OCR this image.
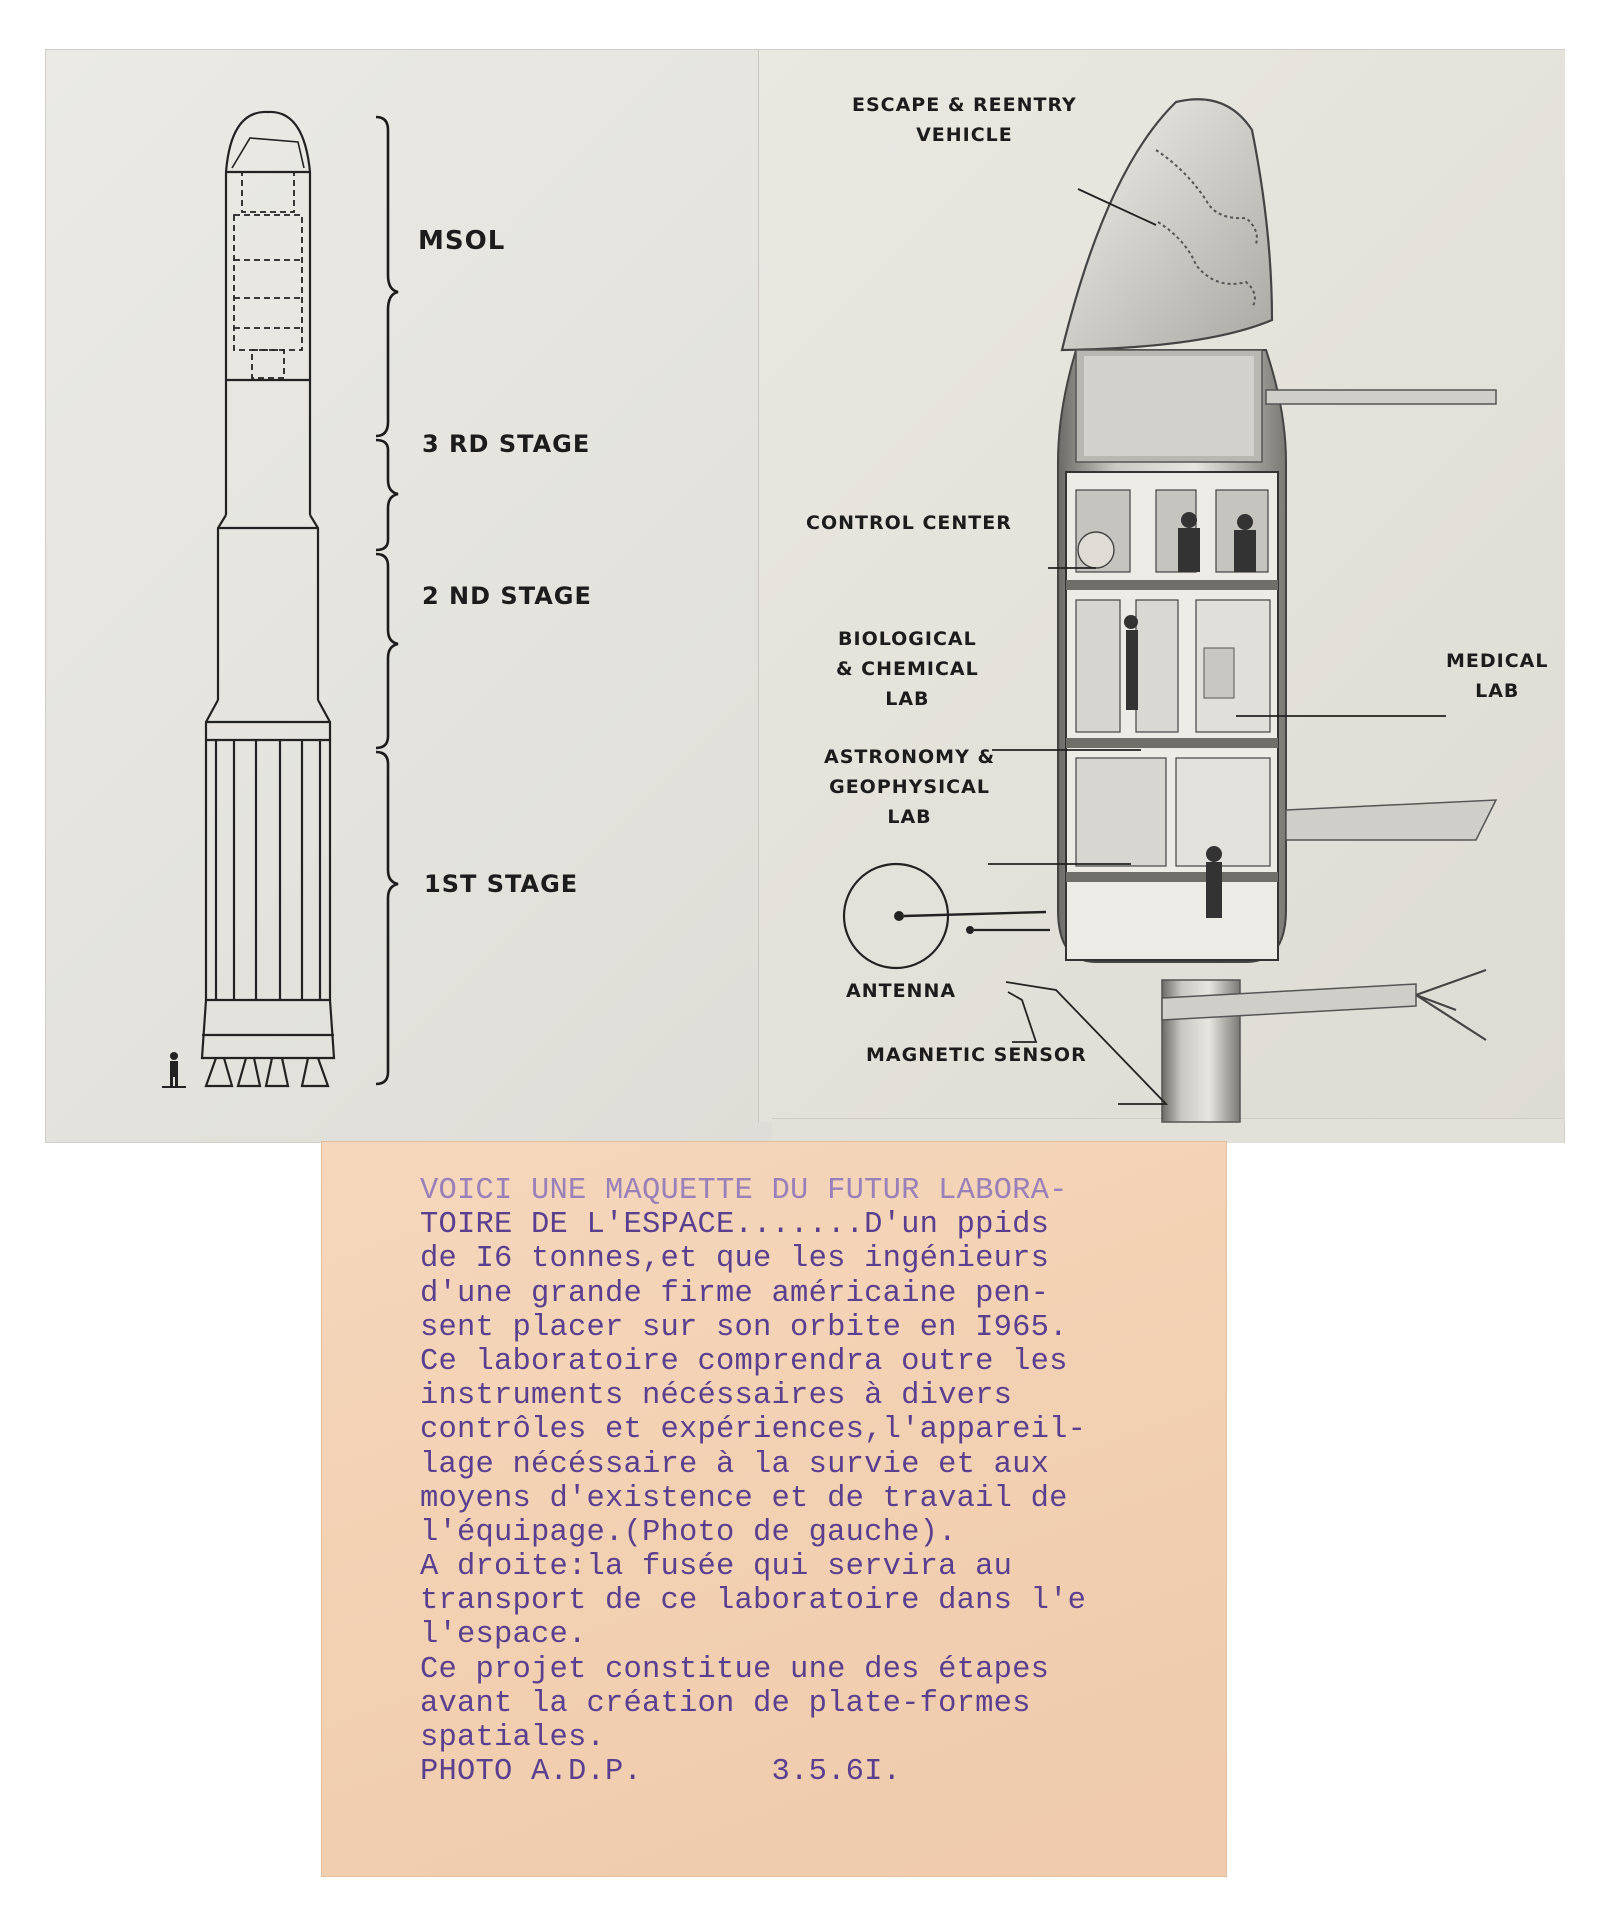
MSOL
3 RD STAGE
2 ND STAGE
1ST STAGE
ESCAPE & REENTRY
VEHICLE
CONTROL CENTER
BIOLOGICAL
& CHEMICAL
LAB
MEDICAL
LAB
ASTRONOMY &
GEOPHYSICAL
LAB
ANTENNA
MAGNETIC SENSOR
VOICI UNE MAQUETTE DU FUTUR LABORA-
TOIRE DE L'ESPACE.......D'un ppids
de I6 tonnes,et que les ingénieurs
d'une grande firme américaine pen-
sent placer sur son orbite en I965.
Ce laboratoire comprendra outre les
instruments nécéssaires à divers
contrôles et expériences,l'appareil-
lage nécéssaire à la survie et aux
moyens d'existence et de travail de
l'équipage.(Photo de gauche).
A droite:la fusée qui servira au
transport de ce laboratoire dans l'e
l'espace.
Ce projet constitue une des étapes
avant la création de plate-formes
spatiales.
PHOTO A.D.P.       3.5.6I.
